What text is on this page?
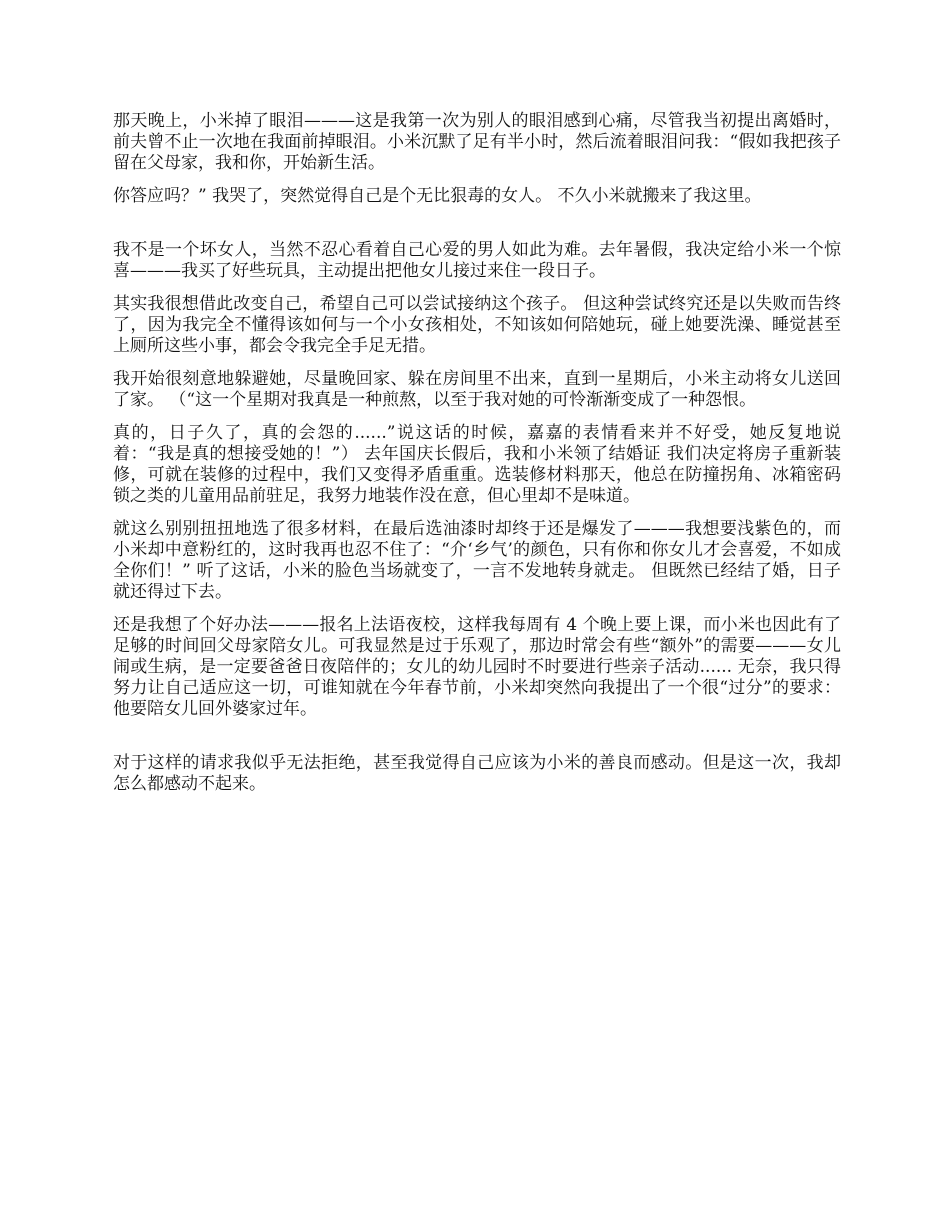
那天晚上，小米掉了眼泪———这是我第一次为别人的眼泪感到心痛，尽管我当初提出离婚时，前夫曾不止一次地在我面前掉眼泪。小米沉默了足有半小时，然后流着眼泪问我：“假如我把孩子留在父母家，我和你，开始新生活。

你答应吗？” 我哭了，突然觉得自己是个无比狠毒的女人。 不久小米就搬来了我这里。

我不是一个坏女人，当然不忍心看着自己心爱的男人如此为难。去年暑假，我决定给小米一个惊喜———我买了好些玩具，主动提出把他女儿接过来住一段日子。

其实我很想借此改变自己，希望自己可以尝试接纳这个孩子。 但这种尝试终究还是以失败而告终了，因为我完全不懂得该如何与一个小女孩相处，不知该如何陪她玩，碰上她要洗澡、睡觉甚至上厕所这些小事，都会令我完全手足无措。

我开始很刻意地躲避她，尽量晚回家、躲在房间里不出来，直到一星期后，小米主动将女儿送回了家。 （“这一个星期对我真是一种煎熬，以至于我对她的可怜渐渐变成了一种怨恨。

真的，日子久了，真的会怨的......”说这话的时候，嘉嘉的表情看来并不好受，她反复地说着：“我是真的想接受她的！”） 去年国庆长假后，我和小米领了结婚证 我们决定将房子重新装修，可就在装修的过程中，我们又变得矛盾重重。选装修材料那天，他总在防撞拐角、冰箱密码锁之类的儿童用品前驻足，我努力地装作没在意，但心里却不是味道。

就这么别别扭扭地选了很多材料，在最后选油漆时却终于还是爆发了———我想要浅紫色的，而小米却中意粉红的，这时我再也忍不住了：“介‘乡气’的颜色，只有你和你女儿才会喜爱，不如成全你们！” 听了这话，小米的脸色当场就变了，一言不发地转身就走。 但既然已经结了婚，日子就还得过下去。

还是我想了个好办法———报名上法语夜校，这样我每周有 4 个晚上要上课，而小米也因此有了足够的时间回父母家陪女儿。可我显然是过于乐观了，那边时常会有些“额外”的需要———女儿闹或生病，是一定要爸爸日夜陪伴的；女儿的幼儿园时不时要进行些亲子活动...... 无奈，我只得努力让自己适应这一切，可谁知就在今年春节前，小米却突然向我提出了一个很“过分”的要求：他要陪女儿回外婆家过年。

对于这样的请求我似乎无法拒绝，甚至我觉得自己应该为小米的善良而感动。但是这一次，我却怎么都感动不起来。
